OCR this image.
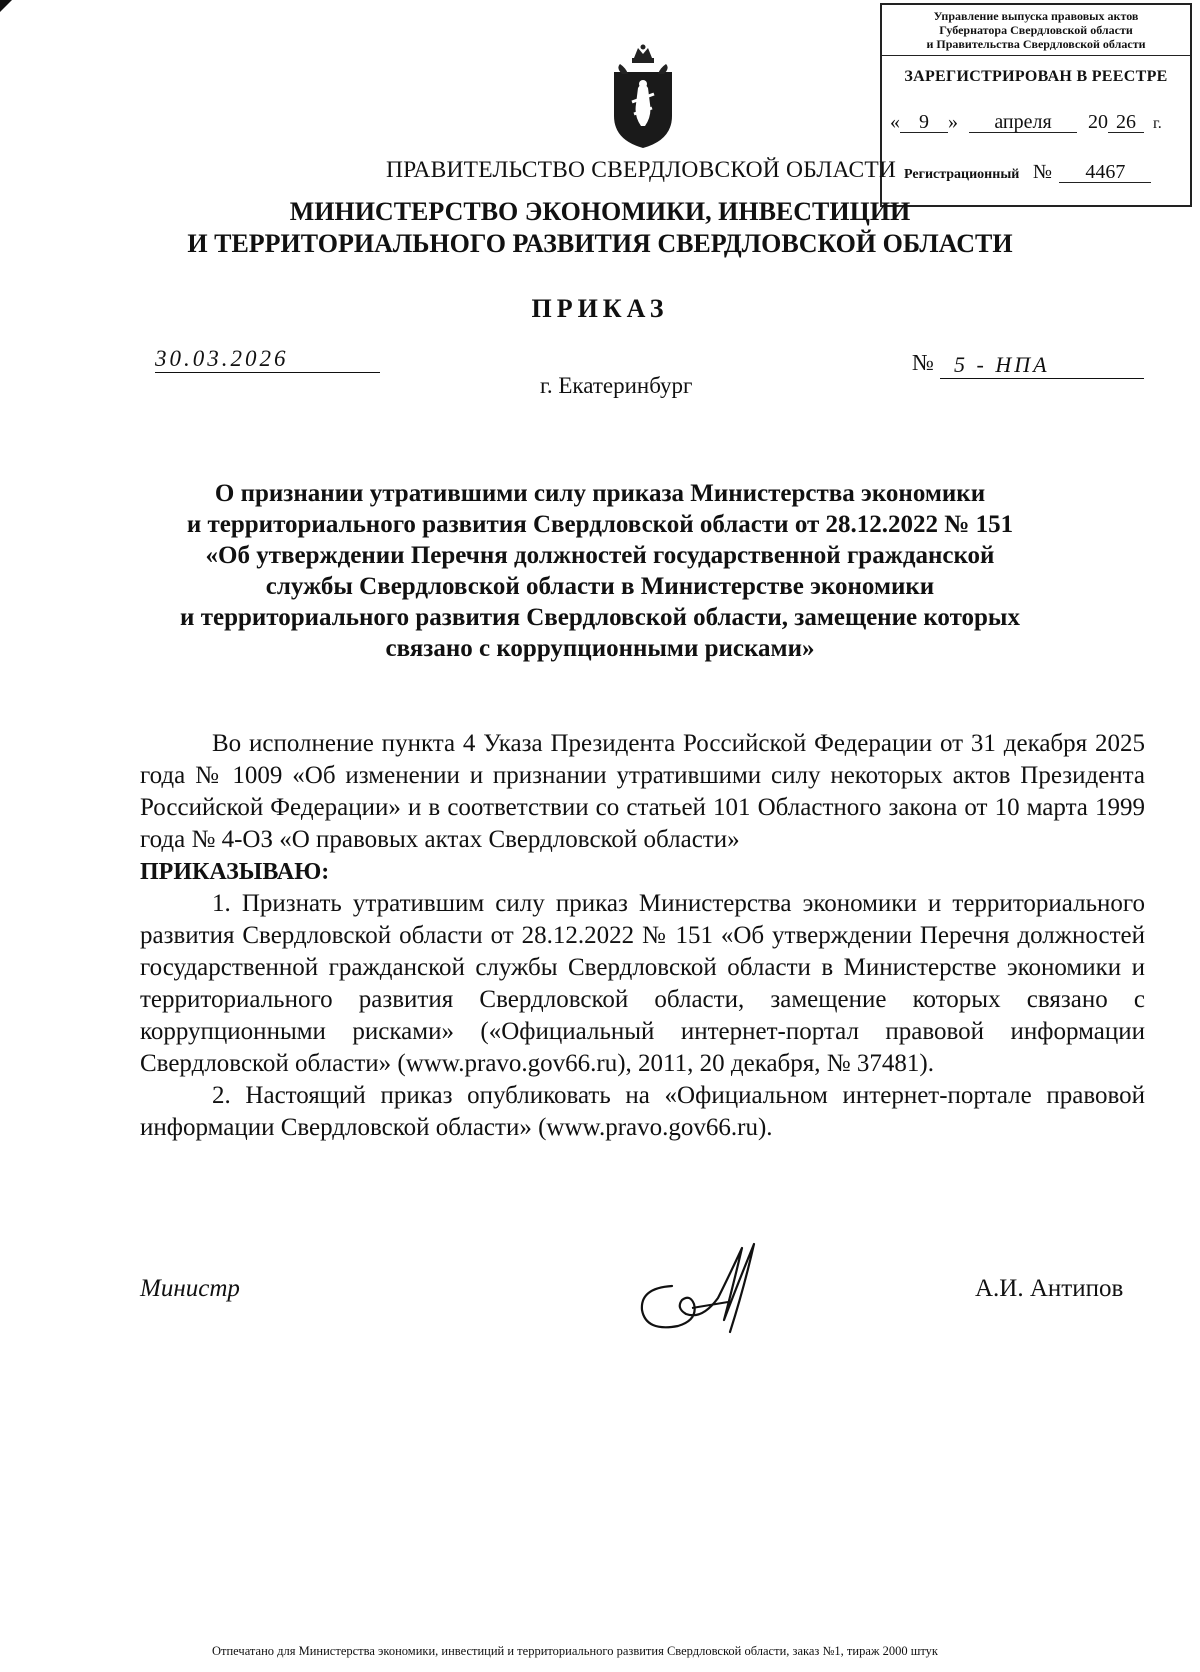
Управление выпуска правовых актов
Губернатора Свердловской области
и Правительства Свердловской области
ЗАРЕГИСТРИРОВАН В РЕЕСТРЕ
« 9 » апреля 20 26 г.
Регистрационный № 4467
ПРАВИТЕЛЬСТВО СВЕРДЛОВСКОЙ ОБЛАСТИ
МИНИСТЕРСТВО ЭКОНОМИКИ, ИНВЕСТИЦИИ
И ТЕРРИТОРИАЛЬНОГО РАЗВИТИЯ СВЕРДЛОВСКОЙ ОБЛАСТИ
ПРИКАЗ
30.03.2026	№ 5 - НПА
г. Екатеринбург
О признании утратившими силу приказа Министерства экономики
и территориального развития Свердловской области от 28.12.2022 № 151
«Об утверждении Перечня должностей государственной гражданской
службы Свердловской области в Министерстве экономики
и территориального развития Свердловской области, замещение которых
связано с коррупционными рисками»

Во исполнение пункта 4 Указа Президента Российской Федерации от 31 декабря 2025 года № 1009 «Об изменении и признании утратившими силу некоторых актов Президента Российской Федерации» и в соответствии со статьей 101 Областного закона от 10 марта 1999 года № 4-ОЗ «О правовых актах Свердловской области»

ПРИКАЗЫВАЮ:

1. Признать утратившим силу приказ Министерства экономики и территориального развития Свердловской области от 28.12.2022 № 151 «Об утверждении Перечня должностей государственной гражданской службы Свердловской области в Министерстве экономики и территориального развития Свердловской области, замещение которых связано с коррупционными рисками» («Официальный интернет-портал правовой информации Свердловской области» (www.pravo.gov66.ru), 2011, 20 декабря, № 37481).

2. Настоящий приказ опубликовать на «Официальном интернет-портале правовой информации Свердловской области» (www.pravo.gov66.ru).

Министр	А.И. Антипов
Отпечатано для Министерства экономики, инвестиций и территориального развития Свердловской области, заказ №1, тираж 2000 штук
